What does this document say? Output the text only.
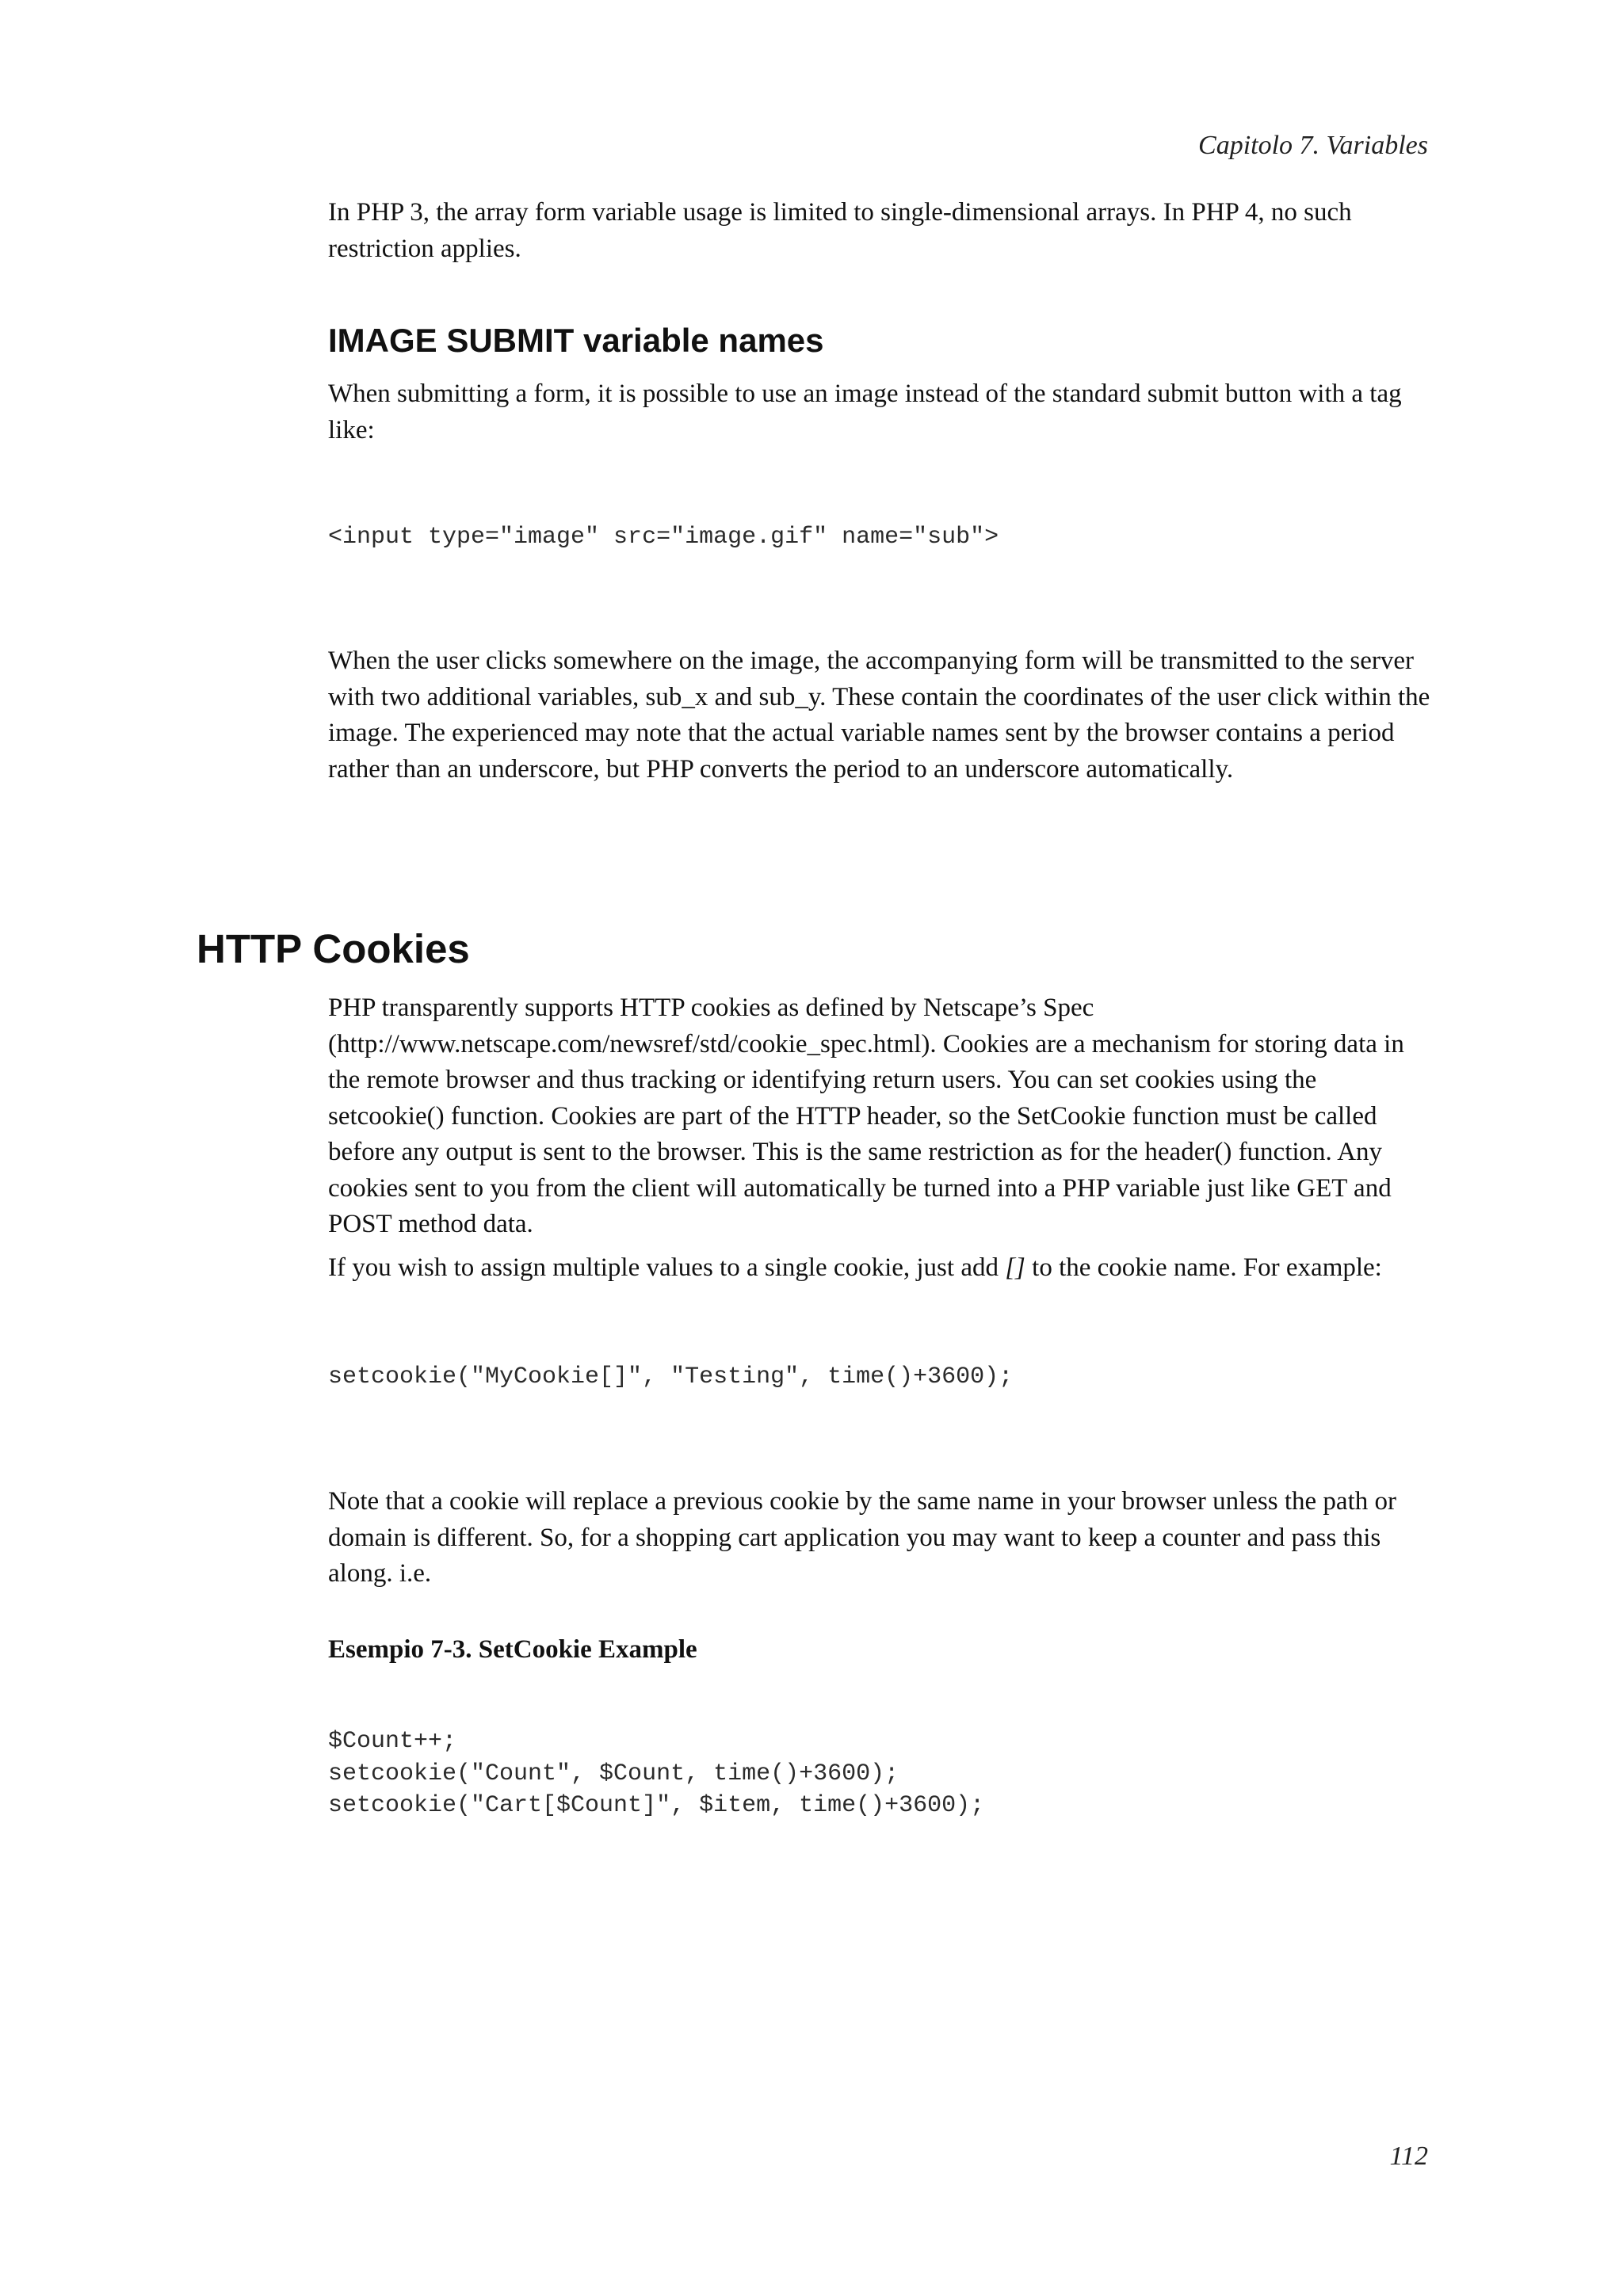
Capitolo 7. Variables

In PHP 3, the array form variable usage is limited to single-dimensional arrays. In PHP 4, no such restriction applies.

IMAGE SUBMIT variable names

When submitting a form, it is possible to use an image instead of the standard submit button with a tag like:

<input type="image" src="image.gif" name="sub">

When the user clicks somewhere on the image, the accompanying form will be transmitted to the server with two additional variables, sub_x and sub_y. These contain the coordinates of the user click within the image. The experienced may note that the actual variable names sent by the browser contains a period rather than an underscore, but PHP converts the period to an underscore automatically.

HTTP Cookies

PHP transparently supports HTTP cookies as defined by Netscape’s Spec (http://www.netscape.com/newsref/std/cookie_spec.html). Cookies are a mechanism for storing data in the remote browser and thus tracking or identifying return users. You can set cookies using the setcookie() function. Cookies are part of the HTTP header, so the SetCookie function must be called before any output is sent to the browser. This is the same restriction as for the header() function. Any cookies sent to you from the client will automatically be turned into a PHP variable just like GET and POST method data.

If you wish to assign multiple values to a single cookie, just add [] to the cookie name. For example:

setcookie("MyCookie[]", "Testing", time()+3600);

Note that a cookie will replace a previous cookie by the same name in your browser unless the path or domain is different. So, for a shopping cart application you may want to keep a counter and pass this along. i.e.

Esempio 7-3. SetCookie Example
$Count++;
setcookie("Count", $Count, time()+3600);
setcookie("Cart[$Count]", $item, time()+3600);
112
